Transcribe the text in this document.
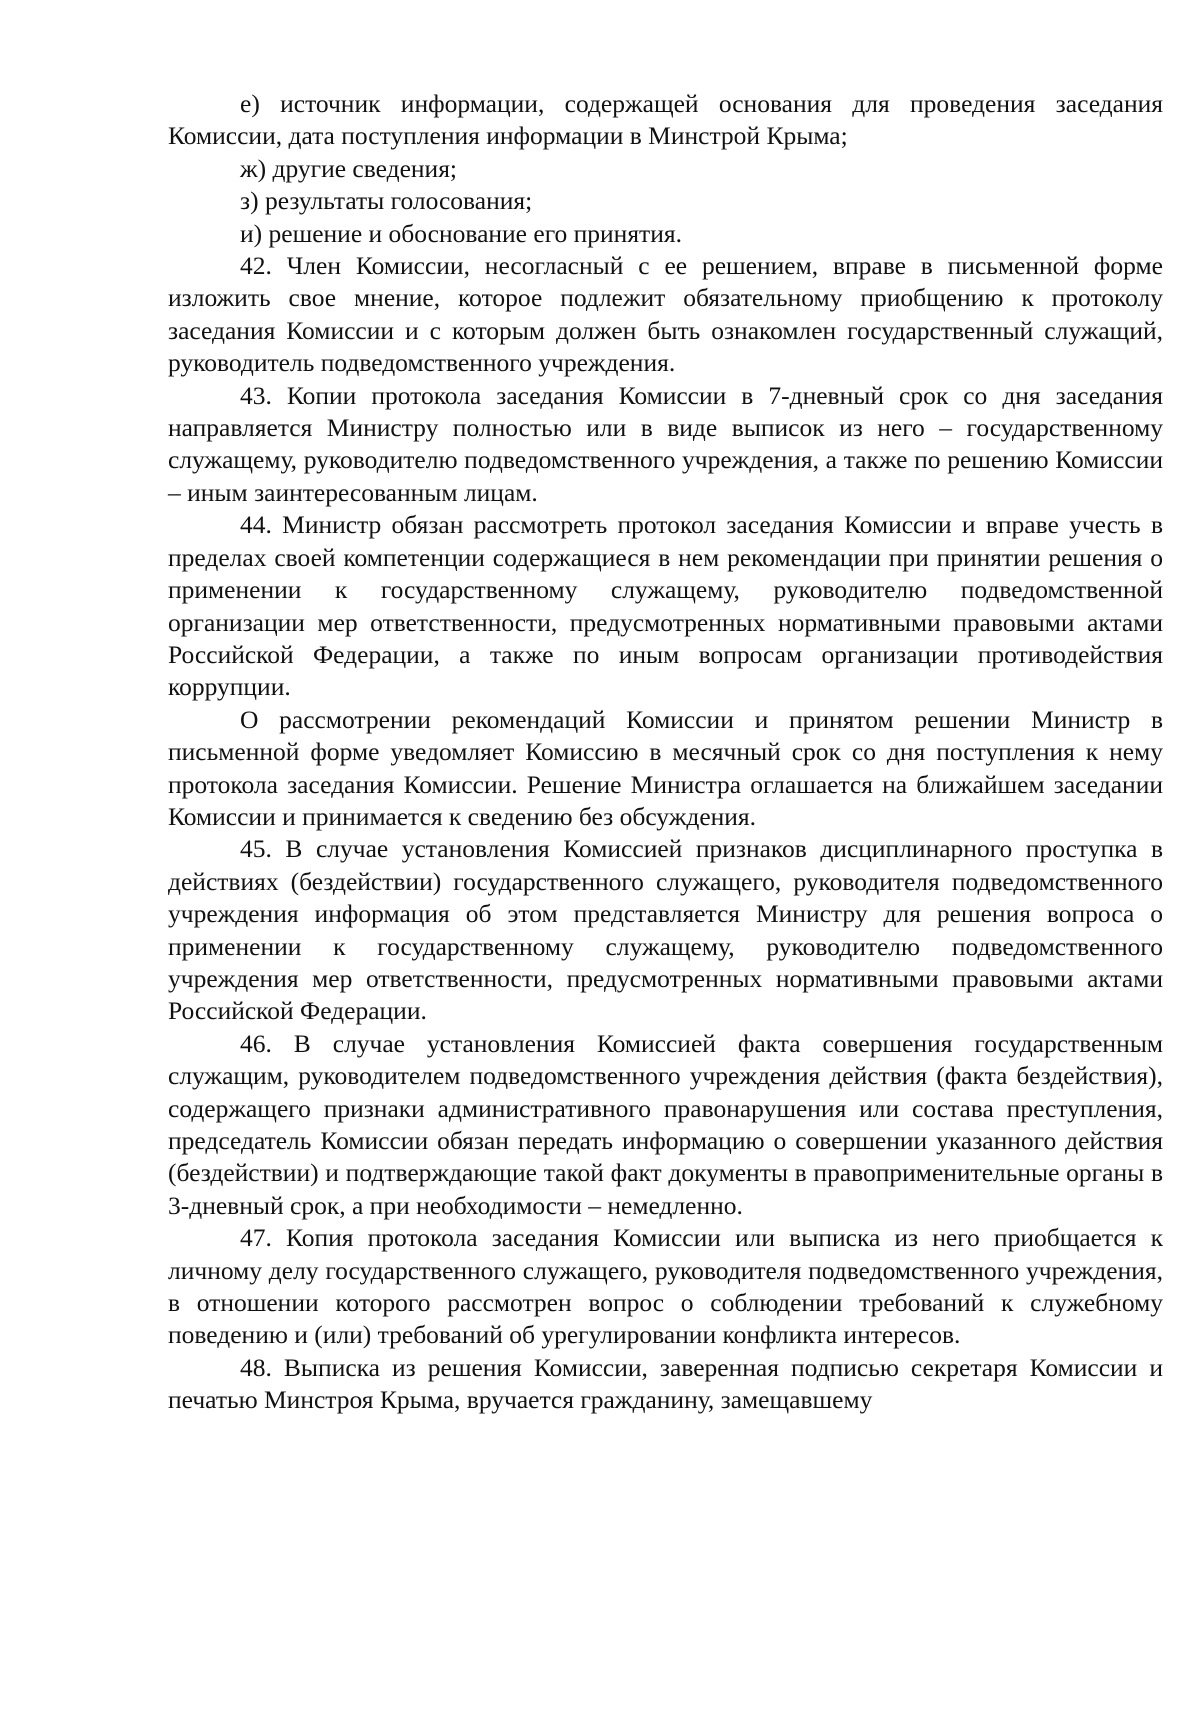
е) источник информации, содержащей основания для проведения заседания Комиссии, дата поступления информации в Минстрой Крыма;

ж) другие сведения;

з) результаты голосования;

и) решение и обоснование его принятия.

42. Член Комиссии, несогласный с ее решением, вправе в письменной форме изложить свое мнение, которое подлежит обязательному приобщению к протоколу заседания Комиссии и с которым должен быть ознакомлен государственный служащий, руководитель подведомственного учреждения.

43. Копии протокола заседания Комиссии в 7-дневный срок со дня заседания направляется Министру полностью или в виде выписок из него – государственному служащему, руководителю подведомственного учреждения, а также по решению Комиссии – иным заинтересованным лицам.

44. Министр обязан рассмотреть протокол заседания Комиссии и вправе учесть в пределах своей компетенции содержащиеся в нем рекомендации при принятии решения о применении к государственному служащему, руководителю подведомственной организации мер ответственности, предусмотренных нормативными правовыми актами Российской Федерации, а также по иным вопросам организации противодействия коррупции.

О рассмотрении рекомендаций Комиссии и принятом решении Министр в письменной форме уведомляет Комиссию в месячный срок со дня поступления к нему протокола заседания Комиссии. Решение Министра оглашается на ближайшем заседании Комиссии и принимается к сведению без обсуждения.

45. В случае установления Комиссией признаков дисциплинарного проступка в действиях (бездействии) государственного служащего, руководителя подведомственного учреждения информация об этом представляется Министру для решения вопроса о применении к государственному служащему, руководителю подведомственного учреждения мер ответственности, предусмотренных нормативными правовыми актами Российской Федерации.

46. В случае установления Комиссией факта совершения государственным служащим, руководителем подведомственного учреждения действия (факта бездействия), содержащего признаки административного правонарушения или состава преступления, председатель Комиссии обязан передать информацию о совершении указанного действия (бездействии) и подтверждающие такой факт документы в правоприменительные органы в 3-дневный срок, а при необходимости – немедленно.

47. Копия протокола заседания Комиссии или выписка из него приобщается к личному делу государственного служащего, руководителя подведомственного учреждения, в отношении которого рассмотрен вопрос о соблюдении требований к служебному поведению и (или) требований об урегулировании конфликта интересов.

48. Выписка из решения Комиссии, заверенная подписью секретаря Комиссии и печатью Минстроя Крыма, вручается гражданину, замещавшему
